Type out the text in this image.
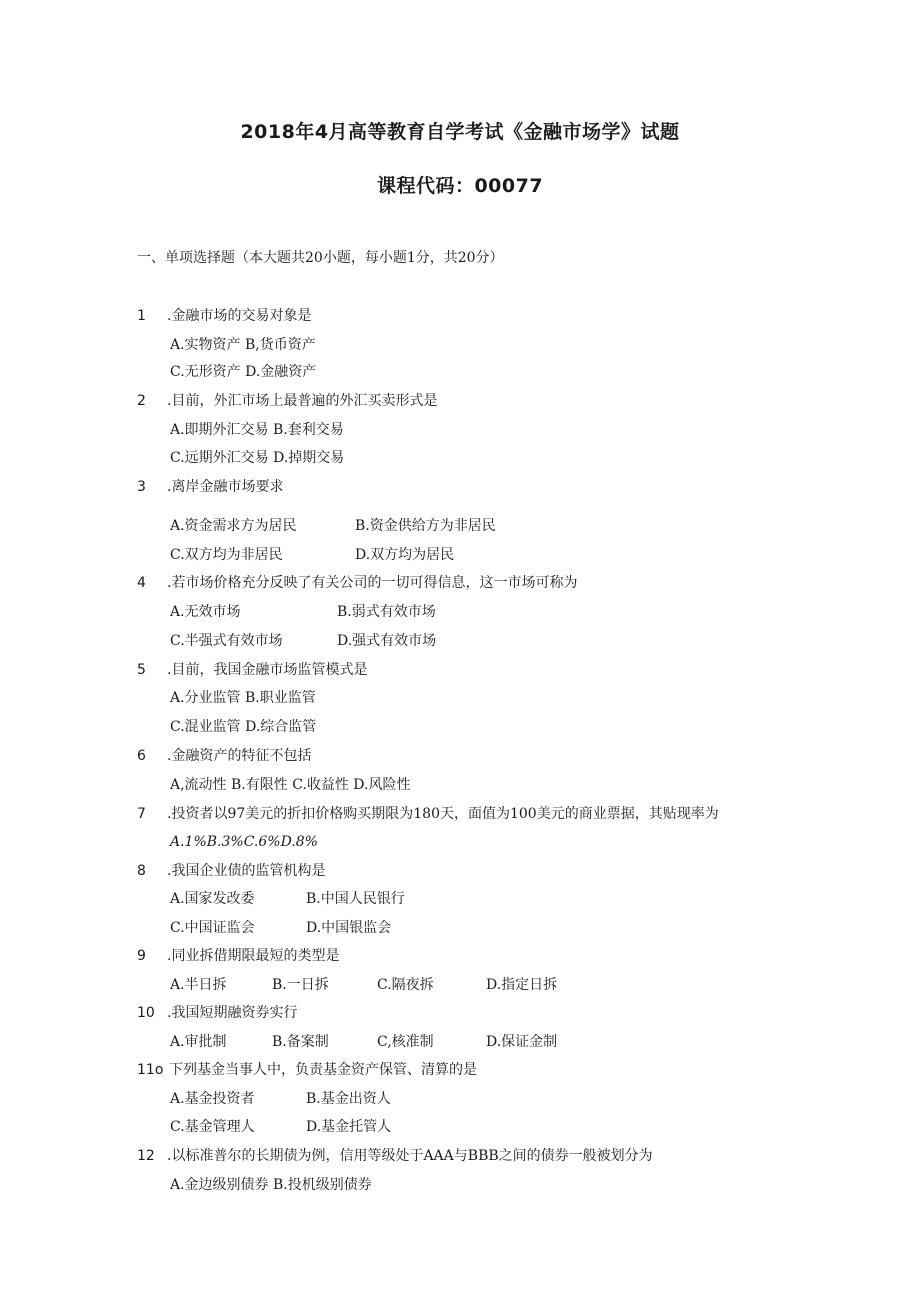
2018年4月高等教育自学考试《金融市场学》试题
课程代码：00077
一、单项选择题（本大题共20小题，每小题1分，共20分）
1 .金融市场的交易对象是
A.实物资产 B,货币资产
C.无形资产 D.金融资产
2 .目前，外汇市场上最普遍的外汇买卖形式是
A.即期外汇交易 B.套利交易
C.远期外汇交易 D.掉期交易
3 .离岸金融市场要求
A.资金需求方为居民	B.资金供给方为非居民
C.双方均为非居民	D.双方均为居民
4 .若市场价格充分反映了有关公司的一切可得信息，这一市场可称为
A.无效市场	B.弱式有效市场
C.半强式有效市场	D.强式有效市场
5 .目前，我国金融市场监管模式是
A.分业监管 B.职业监管
C.混业监管 D.综合监管
6 .金融资产的特征不包括
A,流动性 B.有限性 C.收益性 D.风险性
7 .投资者以97美元的折扣价格购买期限为180天，面值为100美元的商业票据，其贴现率为
A.1%B.3%C.6%D.8%
8 .我国企业债的监管机构是
A.国家发改委	B.中国人民银行
C.中国证监会	D.中国银监会
9 .同业拆借期限最短的类型是
A.半日拆	B.一日拆	C.隔夜拆	D.指定日拆
10 .我国短期融资券实行
A.审批制	B.备案制	C,核准制	D.保证金制
11o 下列基金当事人中，负责基金资产保管、清算的是
A.基金投资者	B.基金出资人
C.基金管理人	D.基金托管人
12 .以标准普尔的长期债为例，信用等级处于AAA与BBB之间的债券一般被划分为
A.金边级别债券 B.投机级别债券
